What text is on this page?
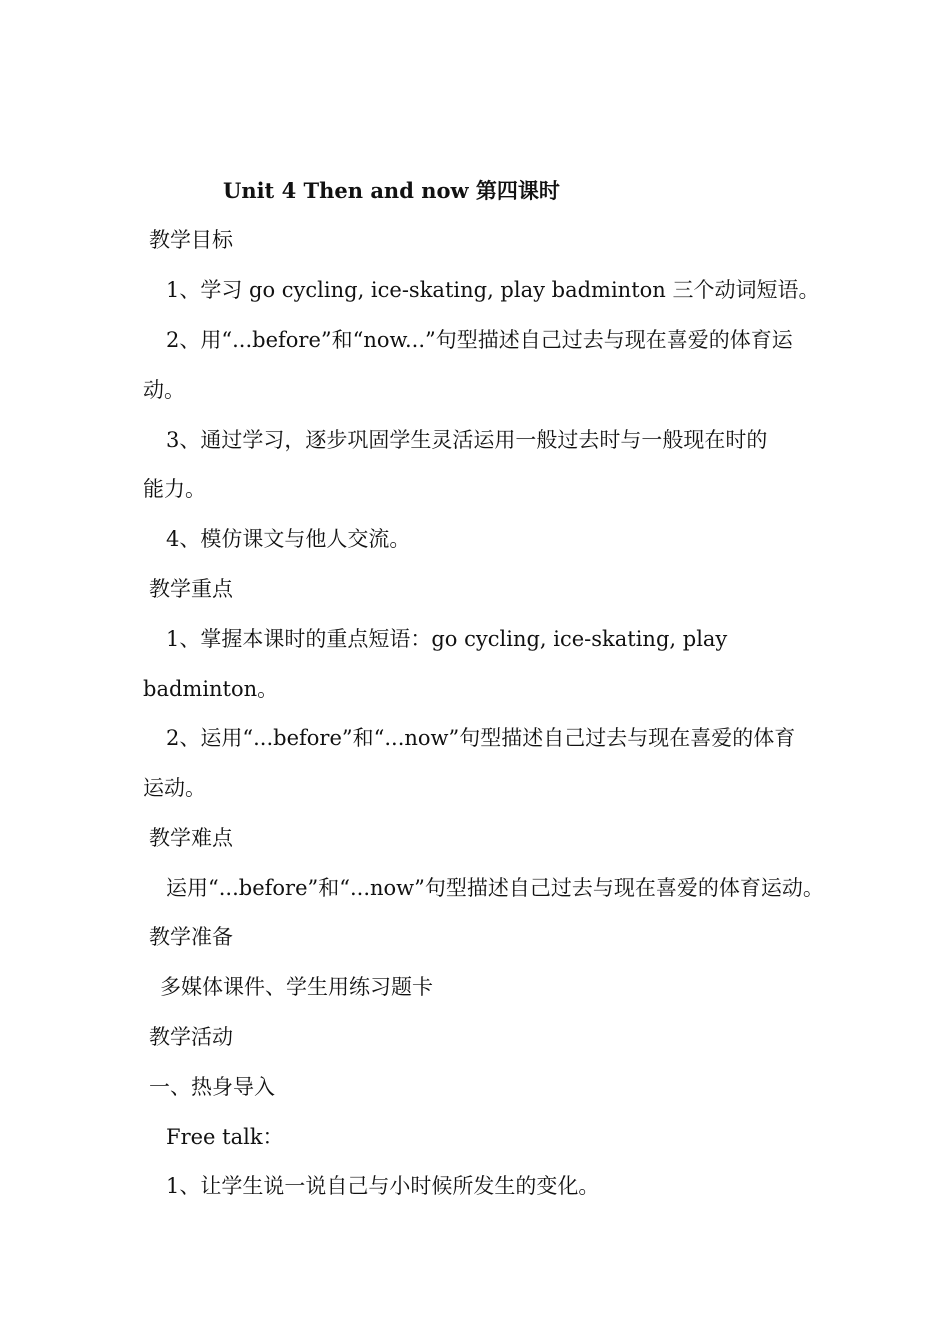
Unit 4 Then and now 第四课时
教学目标
1、学习 go cycling, ice-skating, play badminton 三个动词短语。
2、用“...before”和“now...”句型描述自己过去与现在喜爱的体育运
动。
3、通过学习，逐步巩固学生灵活运用一般过去时与一般现在时的
能力。
4、模仿课文与他人交流。
教学重点
1、掌握本课时的重点短语：go cycling, ice-skating, play
badminton。
2、运用“...before”和“...now”句型描述自己过去与现在喜爱的体育
运动。
教学难点
运用“...before”和“...now”句型描述自己过去与现在喜爱的体育运动。
教学准备
多媒体课件、学生用练习题卡
教学活动
一、热身导入
Free talk：
1、让学生说一说自己与小时候所发生的变化。
